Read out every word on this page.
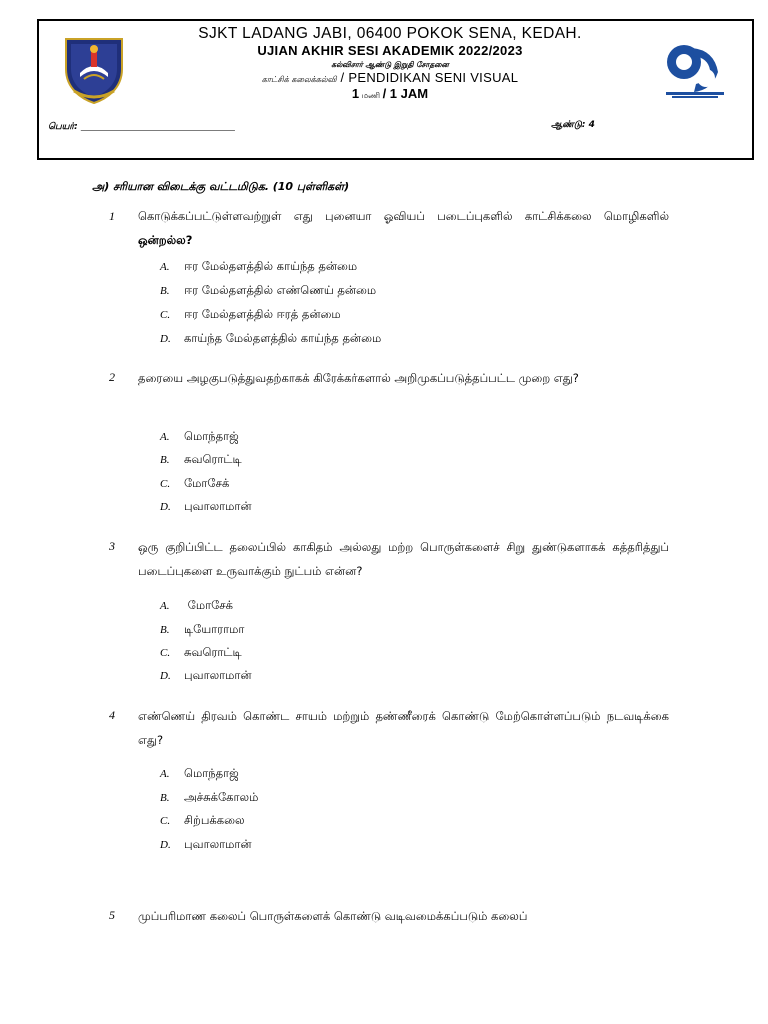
SJKT LADANG JABI, 06400 POKOK SENA, KEDAH.
UJIAN AKHIR SESI AKADEMIK 2022/2023
கல்விசார் ஆண்டு இறுதி சோதனை
காட்சிக் கலைக்கல்வி / PENDIDIKAN SENI VISUAL
1 மணி / 1 JAM
பெயர்: ____________________________	ஆண்டு: 4
அ) சரியான விடைக்கு வட்டமிடுக. (10 புள்ளிகள்)
1 கொடுக்கப்பட்டுள்ளவற்றுள் எது புனையா ஓவியப் படைப்புகளில் காட்சிக்கலை மொழிகளில் ஒன்றல்ல?
A. ஈர மேல்தளத்தில் காய்ந்த தன்மை
B. ஈர மேல்தளத்தில் எண்ணெய் தன்மை
C. ஈர மேல்தளத்தில் ஈரத் தன்மை
D. காய்ந்த மேல்தளத்தில் காய்ந்த தன்மை
2 தரையை அழகுபடுத்துவதற்காகக் கிரேக்கர்களால் அறிமுகப்படுத்தப்பட்ட முறை எது?
A. மொந்தாஜ்
B. சுவரொட்டி
C. மோசேக்
D. புவாலாமான்
3 ஒரு குறிப்பிட்ட தலைப்பில் காகிதம் அல்லது மற்ற பொருள்களைச் சிறு துண்டுகளாகக் கத்தரித்துப் படைப்புகளை உருவாக்கும் நுட்பம் என்ன?
A. மோசேக்
B. டியோராமா
C. சுவரொட்டி
D. புவாலாமான்
4 எண்ணெய் திரவம் கொண்ட சாயம் மற்றும் தண்ணீரைக் கொண்டு மேற்கொள்ளப்படும் நடவடிக்கை எது?
A. மொந்தாஜ்
B. அச்சுக்கோலம்
C. சிற்பக்கலை
D. புவாலாமான்
5 முப்பரிமாண கலைப் பொருள்களைக் கொண்டு வடிவமைக்கப்படும் கலைப்
